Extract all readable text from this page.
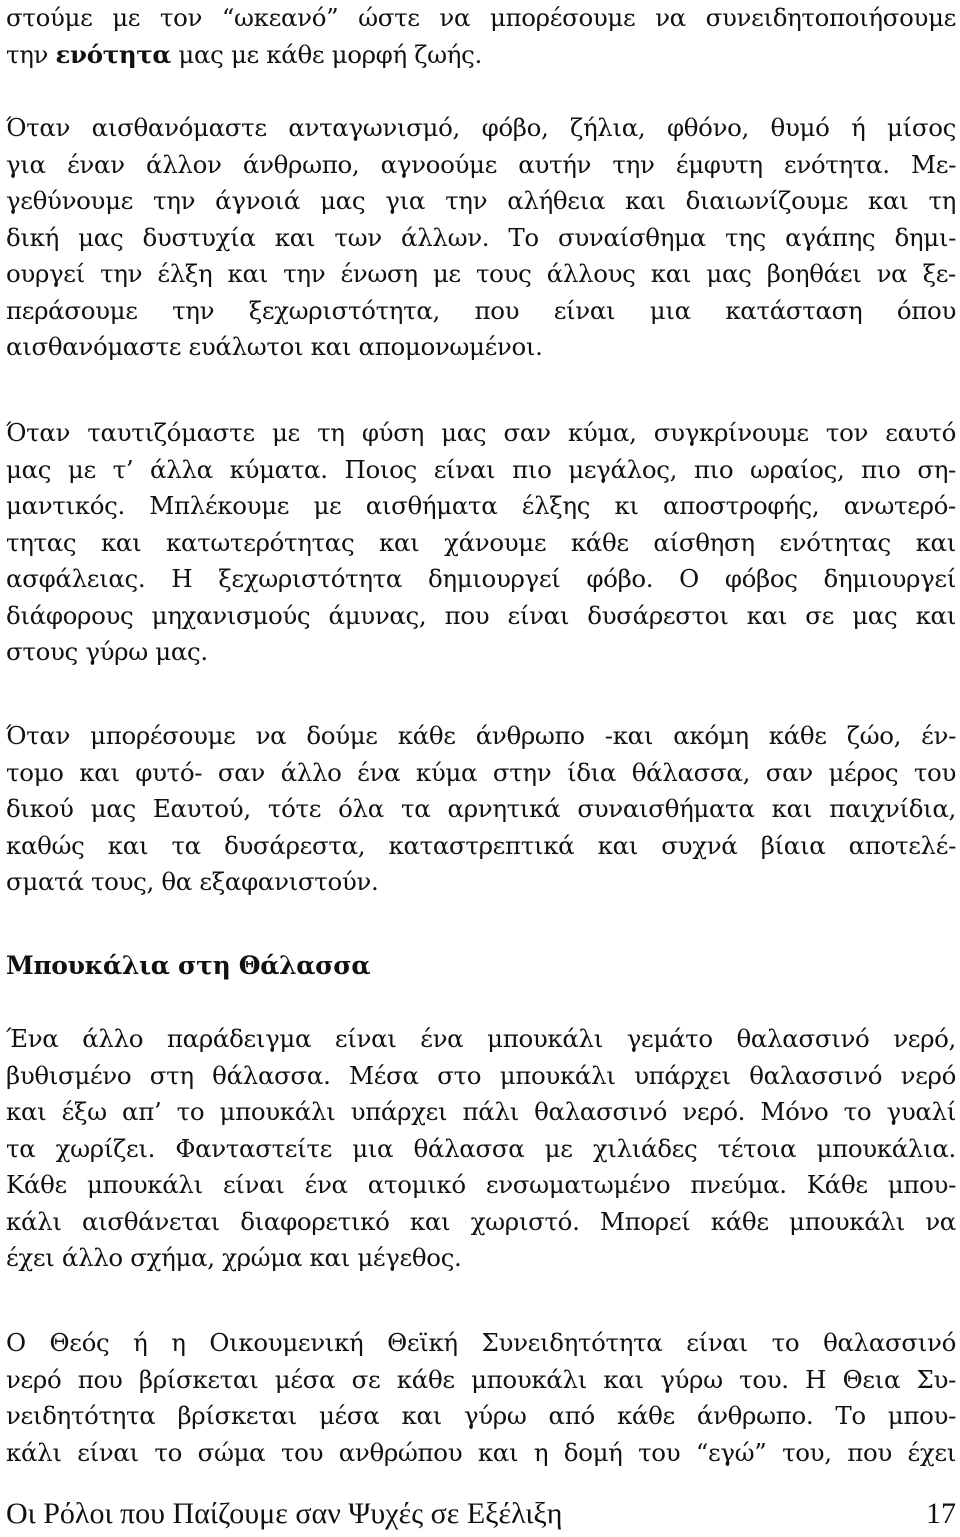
στούμε με τον “ωκεανό” ώστε να μπορέσουμε να συνειδητοποιήσουμε
την ενότητα μας με κάθε μορφή ζωής.
Όταν αισθανόμαστε ανταγωνισμό, φόβο, ζήλια, φθόνο, θυμό ή μίσος
για έναν άλλον άνθρωπο, αγνοούμε αυτήν την έμφυτη ενότητα. Με-
γεθύνουμε την άγνοιά μας για την αλήθεια και διαιωνίζουμε και τη
δική μας δυστυχία και των άλλων. Το συναίσθημα της αγάπης δημι-
ουργεί την έλξη και την ένωση με τους άλλους και μας βοηθάει να ξε-
περάσουμε την ξεχωριστότητα, που είναι μια κατάσταση όπου
αισθανόμαστε ευάλωτοι και απομονωμένοι.
Όταν ταυτιζόμαστε με τη φύση μας σαν κύμα, συγκρίνουμε τον εαυτό
μας με τ’ άλλα κύματα. Ποιος είναι πιο μεγάλος, πιο ωραίος, πιο ση-
μαντικός. Μπλέκουμε με αισθήματα έλξης κι αποστροφής, ανωτερό-
τητας και κατωτερότητας και χάνουμε κάθε αίσθηση ενότητας και
ασφάλειας. Η ξεχωριστότητα δημιουργεί φόβο. Ο φόβος δημιουργεί
διάφορους μηχανισμούς άμυνας, που είναι δυσάρεστοι και σε μας και
στους γύρω μας.
Όταν μπορέσουμε να δούμε κάθε άνθρωπο -και ακόμη κάθε ζώο, έν-
τομο και φυτό- σαν άλλο ένα κύμα στην ίδια θάλασσα, σαν μέρος του
δικού μας Εαυτού, τότε όλα τα αρνητικά συναισθήματα και παιχνίδια,
καθώς και τα δυσάρεστα, καταστρεπτικά και συχνά βίαια αποτελέ-
σματά τους, θα εξαφανιστούν.
Μπουκάλια στη Θάλασσα
Ένα άλλο παράδειγμα είναι ένα μπουκάλι γεμάτο θαλασσινό νερό,
βυθισμένο στη θάλασσα. Μέσα στο μπουκάλι υπάρχει θαλασσινό νερό
και έξω απ’ το μπουκάλι υπάρχει πάλι θαλασσινό νερό. Μόνο το γυαλί
τα χωρίζει. Φανταστείτε μια θάλασσα με χιλιάδες τέτοια μπουκάλια.
Κάθε μπουκάλι είναι ένα ατομικό ενσωματωμένο πνεύμα. Κάθε μπου-
κάλι αισθάνεται διαφορετικό και χωριστό. Μπορεί κάθε μπουκάλι να
έχει άλλο σχήμα, χρώμα και μέγεθος.
Ο Θεός ή η Οικουμενική Θεϊκή Συνειδητότητα είναι το θαλασσινό
νερό που βρίσκεται μέσα σε κάθε μπουκάλι και γύρω του. Η Θεια Συ-
νειδητότητα βρίσκεται μέσα και γύρω από κάθε άνθρωπο. Το μπου-
κάλι είναι το σώμα του ανθρώπου και η δομή του “εγώ” του, που έχει
Οι Ρόλοι που Παίζουμε σαν Ψυχές σε Εξέλιξη	17
